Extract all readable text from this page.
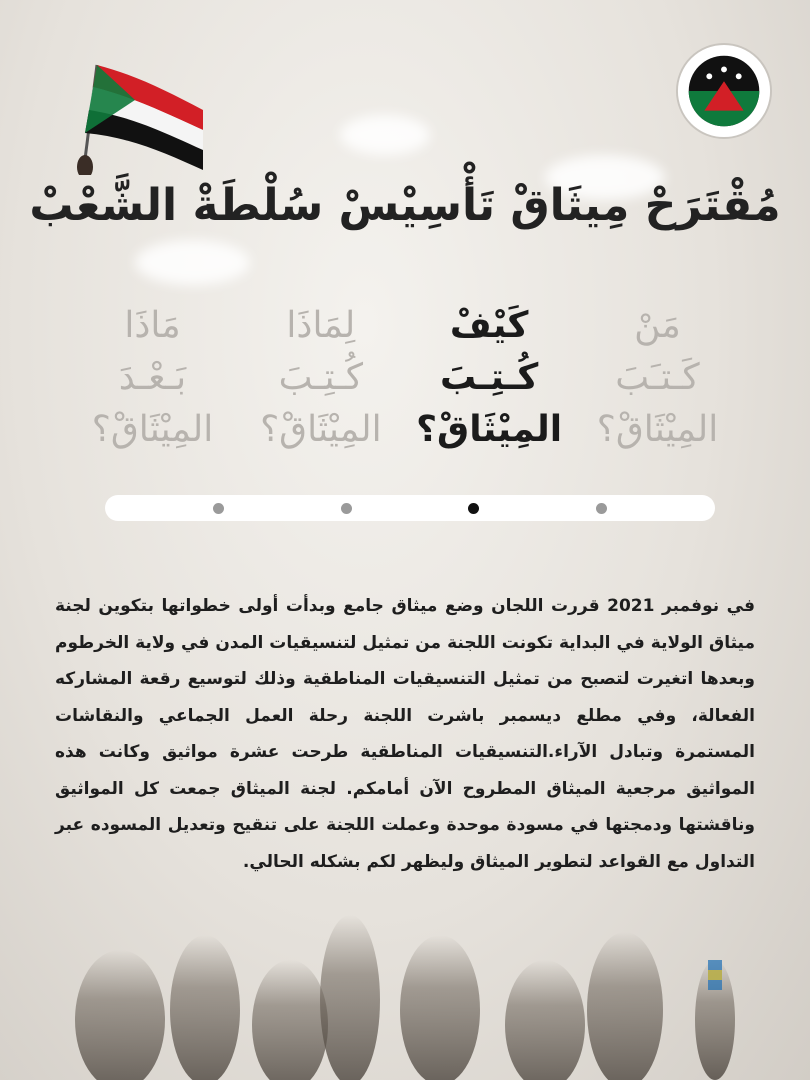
مُقْتَرَحْ مِيثَاقْ تَأْسِيْسْ سُلْطَةْ الشَّعْبْ
مَنْ
كَـتـَبَ
المِيْثَاقْ؟
كَيْفْ
كُـتِـبَ
المِيْثَاقْ؟
لِمَاذَا
كُـتِـبَ
المِيْثَاقْ؟
مَاذَا
بَـعْـدَ
المِيْثَاقْ؟
في نوفمبر 2021 قررت اللجان وضع ميثاق جامع وبدأت أولى خطواتها بتكوين لجنة ميثاق الولاية في البداية تكونت اللجنة من تمثيل لتنسيقيات المدن في ولاية الخرطوم وبعدها اتغيرت لتصبح من تمثيل التنسيقيات المناطقية وذلك لتوسيع رقعة المشاركه الفعالة، وفي مطلع ديسمبر باشرت اللجنة رحلة العمل الجماعي والنقاشات المستمرة وتبادل الآراء.التنسيقيات المناطقية طرحت عشرة مواثيق وكانت هذه المواثيق مرجعية الميثاق المطروح الآن أمامكم. لجنة الميثاق جمعت كل المواثيق وناقشتها ودمجتها في مسودة موحدة وعملت اللجنة على تنقيح وتعديل المسوده عبر التداول مع القواعد لتطوير الميثاق وليظهر لكم بشكله الحالي.
